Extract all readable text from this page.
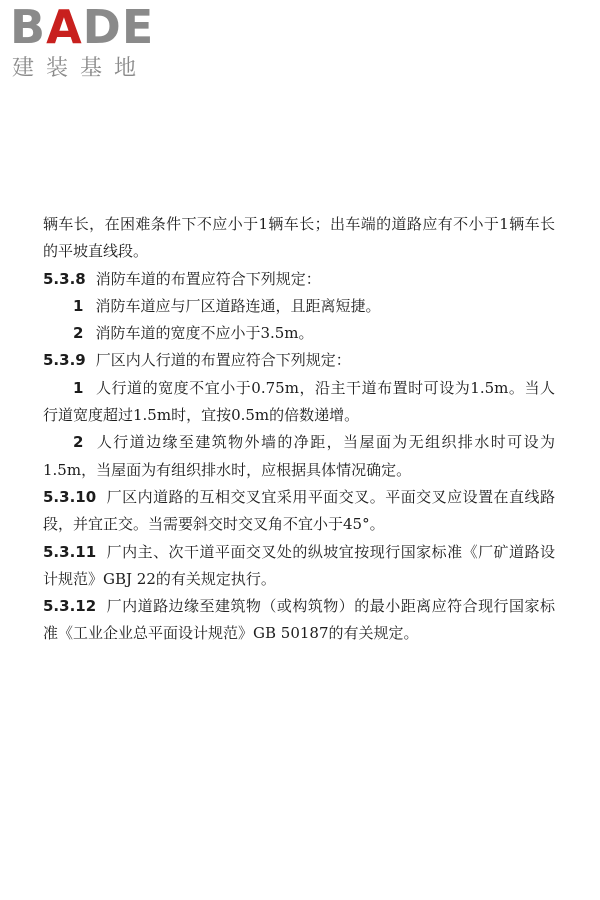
BADE
建装基地

辆车长，在困难条件下不应小于1辆车长；出车端的道路应有不小于1辆车长的平坡直线段。

5.3.8 消防车道的布置应符合下列规定：

1 消防车道应与厂区道路连通，且距离短捷。

2 消防车道的宽度不应小于3.5m。

5.3.9 厂区内人行道的布置应符合下列规定：

1 人行道的宽度不宜小于0.75m，沿主干道布置时可设为1.5m。当人行道宽度超过1.5m时，宜按0.5m的倍数递增。

2 人行道边缘至建筑物外墙的净距，当屋面为无组织排水时可设为1.5m，当屋面为有组织排水时，应根据具体情况确定。

5.3.10 厂区内道路的互相交叉宜采用平面交叉。平面交叉应设置在直线路段，并宜正交。当需要斜交时交叉角不宜小于45°。

5.3.11 厂内主、次干道平面交叉处的纵坡宜按现行国家标准《厂矿道路设计规范》GBJ 22的有关规定执行。

5.3.12 厂内道路边缘至建筑物（或构筑物）的最小距离应符合现行国家标准《工业企业总平面设计规范》GB 50187的有关规定。
